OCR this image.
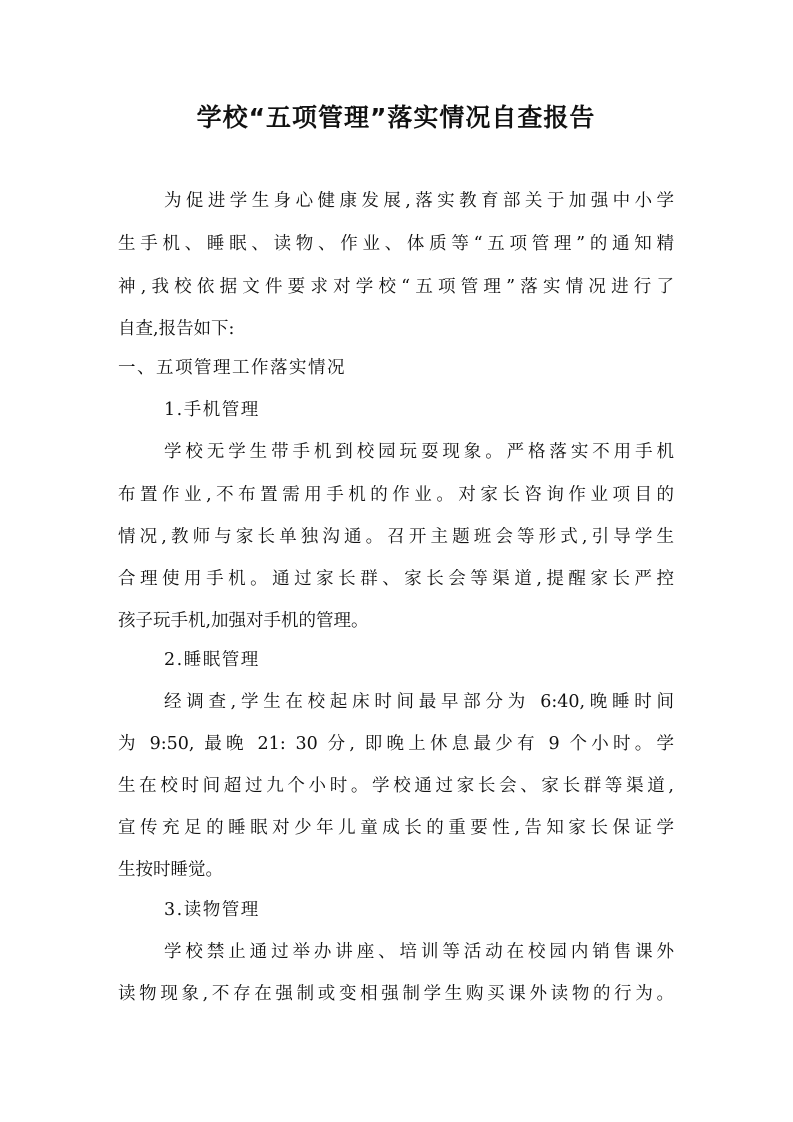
学校“五项管理”落实情况自查报告
为促进学生身心健康发展,落实教育部关于加强中小学
生手机、睡眠、读物、作业、体质等“五项管理”的通知精
神,我校依据文件要求对学校“五项管理”落实情况进行了
自查,报告如下:
一、五项管理工作落实情况
1.手机管理
学校无学生带手机到校园玩耍现象。严格落实不用手机
布置作业,不布置需用手机的作业。对家长咨询作业项目的
情况,教师与家长单独沟通。召开主题班会等形式,引导学生
合理使用手机。通过家长群、家长会等渠道,提醒家长严控
孩子玩手机,加强对手机的管理。
2.睡眠管理
经调查,学生在校起床时间最早部分为 6:40,晚睡时间
为 9:50, 最晚 21: 30 分, 即晚上休息最少有 9 个小时。学
生在校时间超过九个小时。学校通过家长会、家长群等渠道,
宣传充足的睡眠对少年儿童成长的重要性,告知家长保证学
生按时睡觉。
3.读物管理
学校禁止通过举办讲座、培训等活动在校园内销售课外
读物现象,不存在强制或变相强制学生购买课外读物的行为。
